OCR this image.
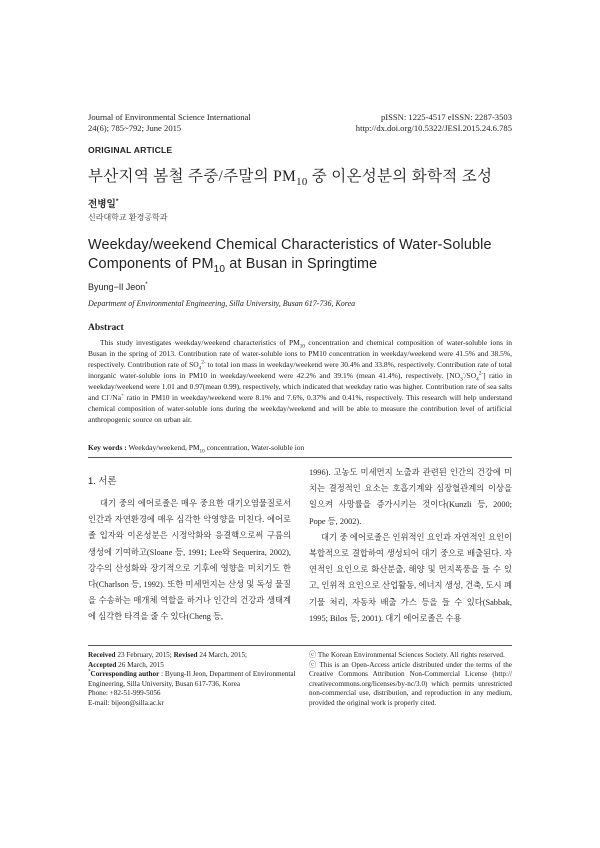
Journal of Environmental Science International
24(6); 785~792; June 2015
pISSN: 1225-4517 eISSN: 2287-3503
http://dx.doi.org/10.5322/JESI.2015.24.6.785
ORIGINAL ARTICLE
부산지역 봄철 주중/주말의 $PM_{10}$ 중 이온성분의 화학적 조성
전병일*
신라대학교 환경공학과
Weekday/weekend Chemical Characteristics of Water-Soluble Components of $PM_{10}$ at Busan in Springtime
Byung−Il Jeon*
Department of Environmental Engineering, Silla University, Busan 617-736, Korea
Abstract
This study investigates weekday/weekend characteristics of $PM_{10}$ concentration and chemical composition of water-soluble ions in Busan in the spring of 2013. Contribution rate of water-soluble ions to PM10 concentration in weekday/weekend were 41.5% and 38.5%, respectively. Contribution rate of $SO_4^{2-}$ to total ion mass in weekday/weekend were 30.4% and 33.8%, respectively. Contribution rate of total inorganic water-soluble ions in PM10 in weekday/weekend were 42.2% and 39.1% (mean 41.4%), respectively. $[NO_3^-/SO_4^{2-}]$ ratio in weekday/weekend were 1.01 and 0.97(mean 0.99), respectively, which indicated that weekday ratio was higher. Contribution rate of sea salts and Cl-/Na+ ratio in PM10 in weekday/weekend were 8.1% and 7.6%, 0.37% and 0.41%, respectively. This research will help understand chemical composition of water-soluble ions during the weekday/weekend and will be able to measure the contribution level of artificial anthropogenic source on urban air.
Key words : Weekday/weekend, $PM_{10}$ concentration, Water-soluble ion
1. 서론
대기 중의 에어로졸은 매우 중요한 대기오염물질로서 인간과 자연환경에 매우 심각한 악영향을 미친다. 에어로졸 입자와 이온성분은 시정악화와 응결핵으로써 구름의 생성에 기여하고(Sloane 등, 1991; Lee와 Sequerira, 2002), 강수의 산성화와 장기적으로 기후에 영향을 미치기도 한다(Charlson 등, 1992). 또한 미세먼지는 산성 및 독성 물질을 수송하는 매개체 역할을 하거나 인간의 건강과 생태계에 심각한 타격을 줄 수 있다(Cheng 등,

1996). 고농도 미세먼지 노출과 관련된 인간의 건강에 미치는 결정적인 요소는 호흡기계와 심장혈관계의 이상을 일으켜 사망률을 증가시키는 것이다(Kunzli 등, 2000; Pope 등, 2002).

대기 중 에어로졸은 인위적인 요인과 자연적인 요인이 복합적으로 결합하여 생성되어 대기 중으로 배출된다. 자연적인 요인으로 화산분출, 해양 및 먼지폭풍을 들 수 있고, 인위적 요인으로 산업활동, 에너지 생성, 건축, 도시 폐기물 처리, 자동차 배출 가스 등을 들 수 있다(Sabbak, 1995; Bilos 등, 2001). 대기 에어로졸은 수용

Received 23 February, 2015; Revised 24 March, 2015;
Accepted 26 March, 2015
*Corresponding author : Byung-Il Jeon, Department of Environmental Engineering, Silla University, Busan 617-736, Korea
Phone: +82-51-999-5056
E-mail: bijeon@silla.ac.kr
ⓒ The Korean Environmental Sciences Society. All rights reserved.
ⓒ This is an Open-Access article distributed under the terms of the Creative Commons Attribution Non-Commercial License (http:// creativecommons.org/licenses/by-nc/3.0) which permits unrestricted non-commercial use, distribution, and reproduction in any medium, provided the original work is properly cited.
